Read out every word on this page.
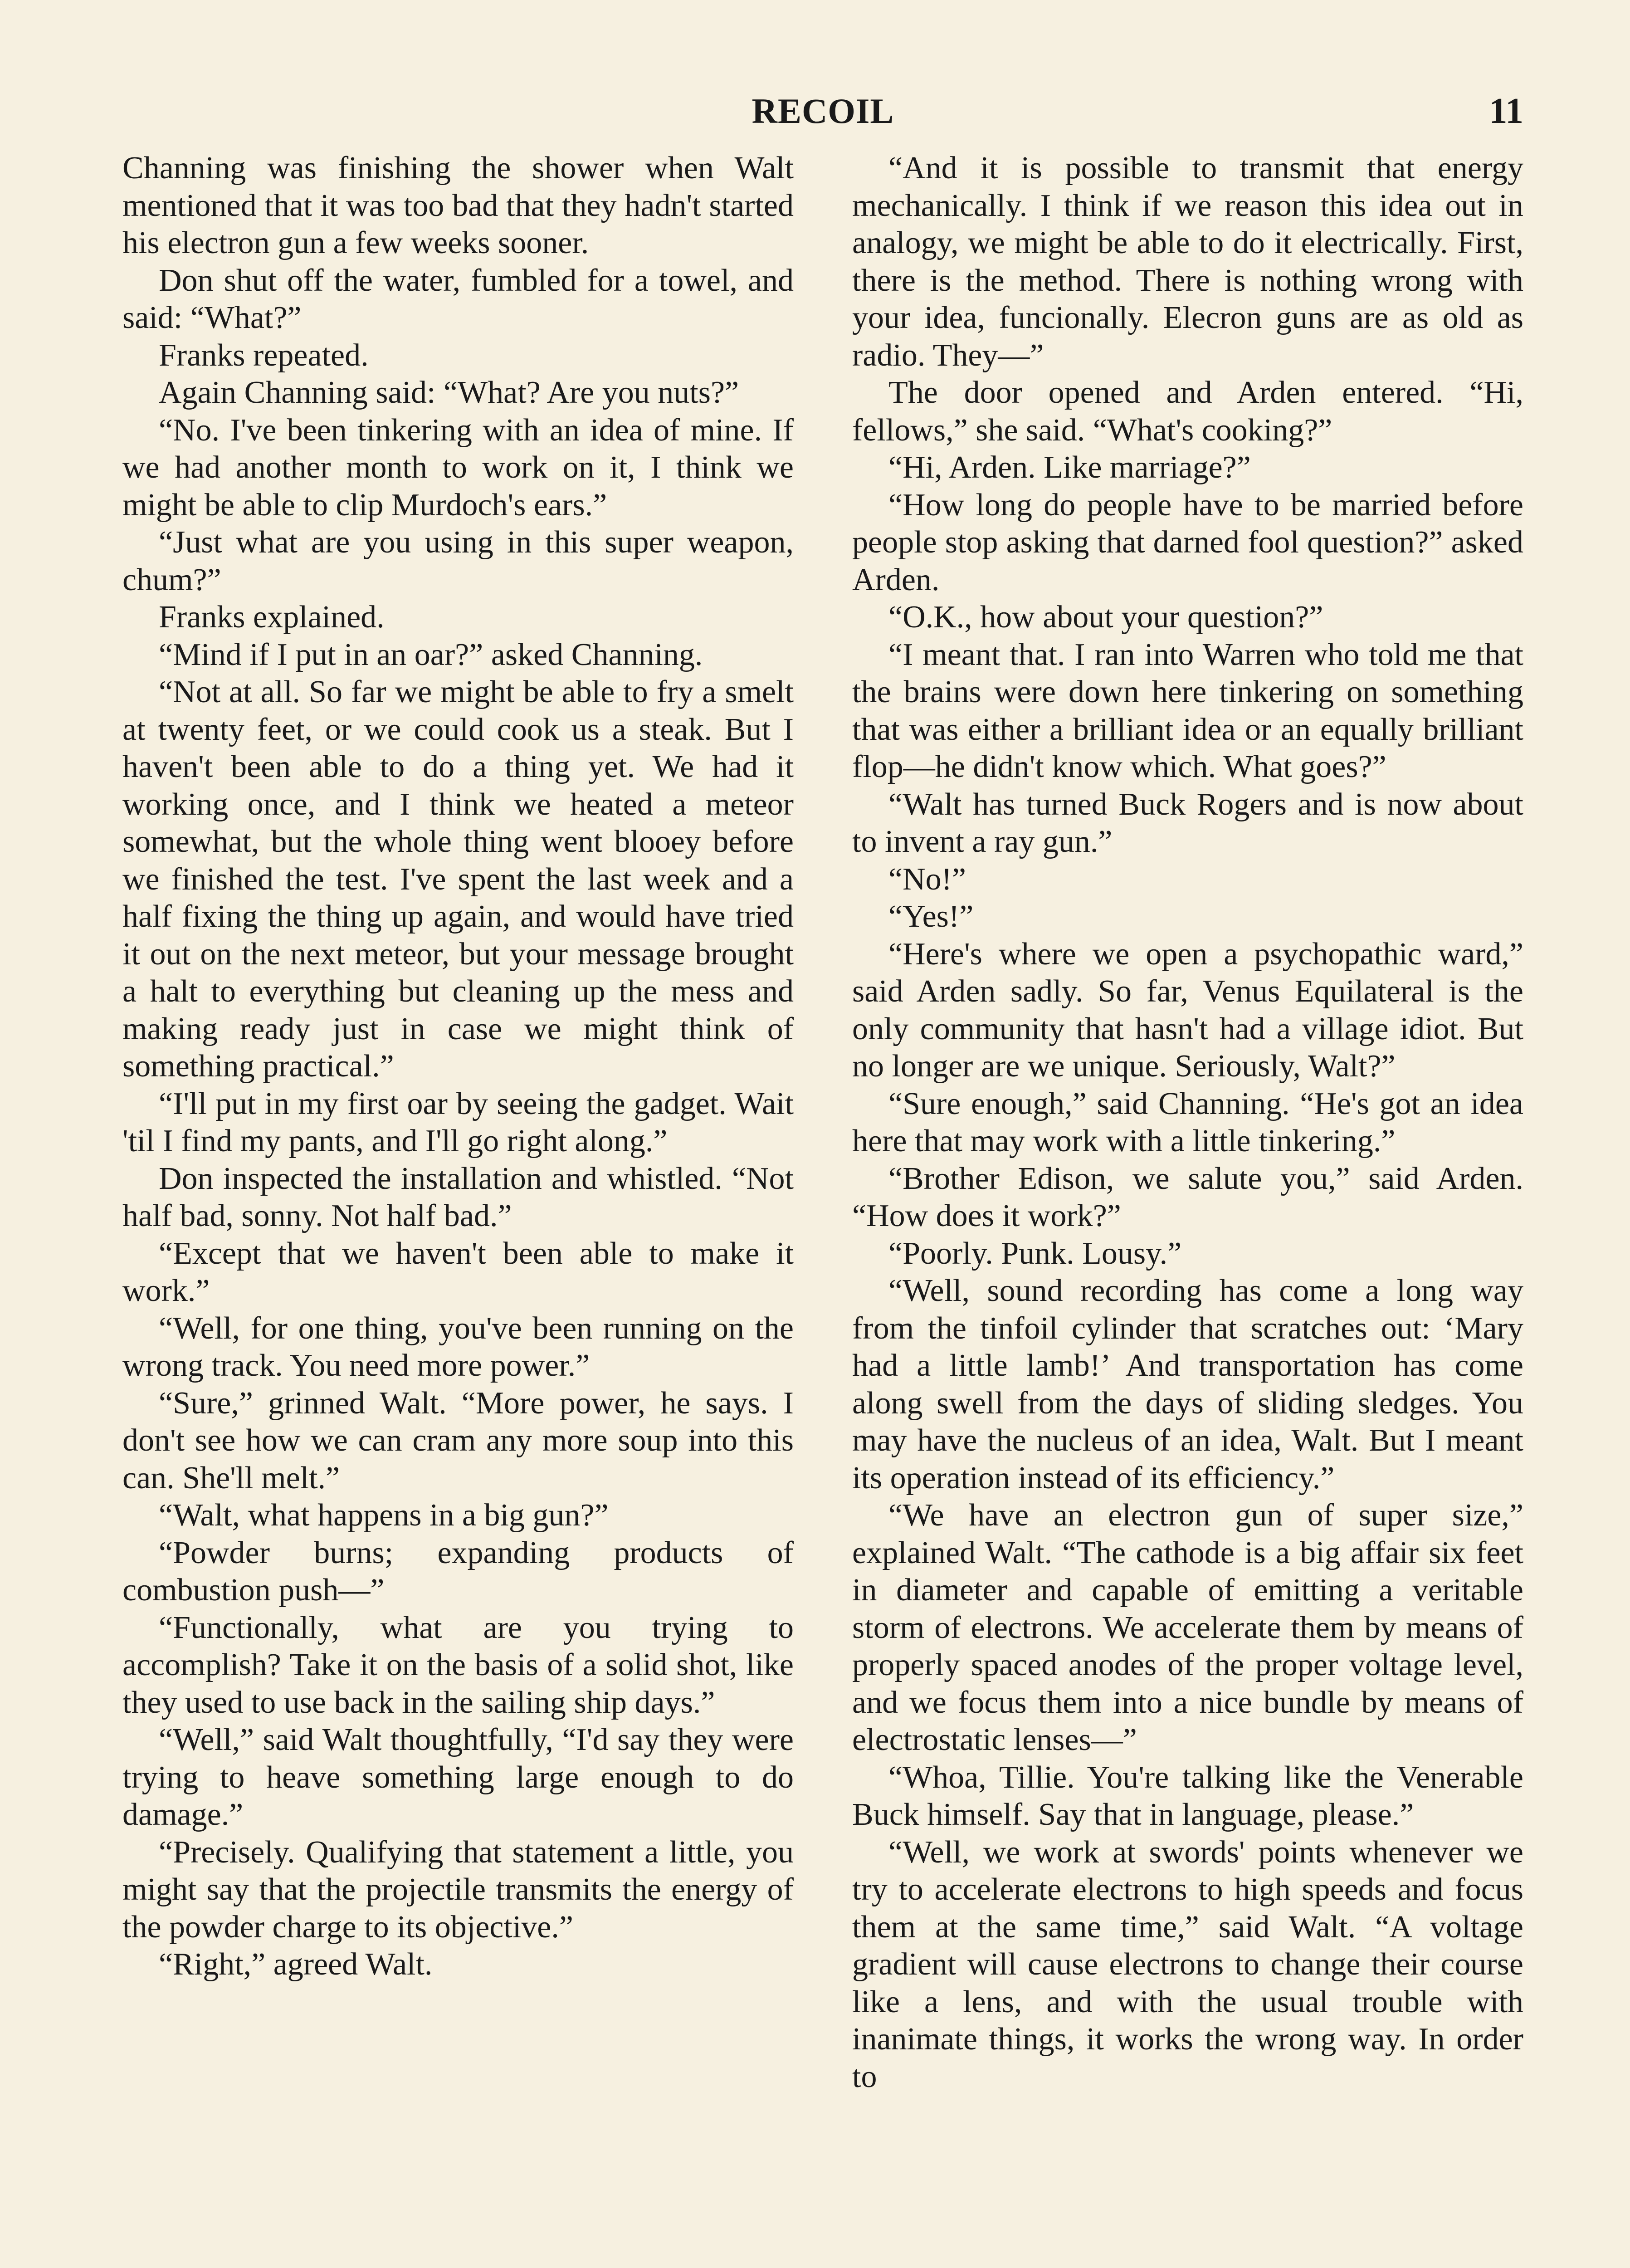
RECOIL	11

Channing was finishing the shower when Walt mentioned that it was too bad that they hadn't started his electron gun a few weeks sooner.

Don shut off the water, fumbled for a towel, and said: “What?”

Franks repeated.

Again Channing said: “What? Are you nuts?”

“No. I've been tinkering with an idea of mine. If we had another month to work on it, I think we might be able to clip Murdoch's ears.”

“Just what are you using in this super weapon, chum?”

Franks explained.

“Mind if I put in an oar?” asked Channing.

“Not at all. So far we might be able to fry a smelt at twenty feet, or we could cook us a steak. But I haven't been able to do a thing yet. We had it working once, and I think we heated a meteor somewhat, but the whole thing went blooey before we finished the test. I've spent the last week and a half fixing the thing up again, and would have tried it out on the next meteor, but your message brought a halt to everything but cleaning up the mess and making ready just in case we might think of something practical.”

“I'll put in my first oar by seeing the gadget. Wait 'til I find my pants, and I'll go right along.”

Don inspected the installation and whistled. “Not half bad, sonny. Not half bad.”

“Except that we haven't been able to make it work.”

“Well, for one thing, you've been running on the wrong track. You need more power.”

“Sure,” grinned Walt. “More power, he says. I don't see how we can cram any more soup into this can. She'll melt.”

“Walt, what happens in a big gun?”

“Powder burns; expanding products of combustion push—”

“Functionally, what are you trying to accomplish? Take it on the basis of a solid shot, like they used to use back in the sailing ship days.”

“Well,” said Walt thoughtfully, “I'd say they were trying to heave something large enough to do damage.”

“Precisely. Qualifying that statement a little, you might say that the projectile transmits the energy of the powder charge to its objective.”

“Right,” agreed Walt.

“And it is possible to transmit that energy mechanically. I think if we reason this idea out in analogy, we might be able to do it electrically. First, there is the method. There is nothing wrong with your idea, funcionally. Elecron guns are as old as radio. They—”

The door opened and Arden entered. “Hi, fellows,” she said. “What's cooking?”

“Hi, Arden. Like marriage?”

“How long do people have to be married before people stop asking that darned fool question?” asked Arden.

“O.K., how about your question?”

“I meant that. I ran into Warren who told me that the brains were down here tinkering on something that was either a brilliant idea or an equally brilliant flop—he didn't know which. What goes?”

“Walt has turned Buck Rogers and is now about to invent a ray gun.”

“No!”

“Yes!”

“Here's where we open a psychopathic ward,” said Arden sadly. So far, Venus Equilateral is the only community that hasn't had a village idiot. But no longer are we unique. Seriously, Walt?”

“Sure enough,” said Channing. “He's got an idea here that may work with a little tinkering.”

“Brother Edison, we salute you,” said Arden. “How does it work?”

“Poorly. Punk. Lousy.”

“Well, sound recording has come a long way from the tinfoil cylinder that scratches out: ‘Mary had a little lamb!’ And transportation has come along swell from the days of sliding sledges. You may have the nucleus of an idea, Walt. But I meant its operation instead of its efficiency.”

“We have an electron gun of super size,” explained Walt. “The cathode is a big affair six feet in diameter and capable of emitting a veritable storm of electrons. We accelerate them by means of properly spaced anodes of the proper voltage level, and we focus them into a nice bundle by means of electrostatic lenses—”

“Whoa, Tillie. You're talking like the Venerable Buck himself. Say that in language, please.”

“Well, we work at swords' points whenever we try to accelerate electrons to high speeds and focus them at the same time,” said Walt. “A voltage gradient will cause electrons to change their course like a lens, and with the usual trouble with inanimate things, it works the wrong way. In order to
